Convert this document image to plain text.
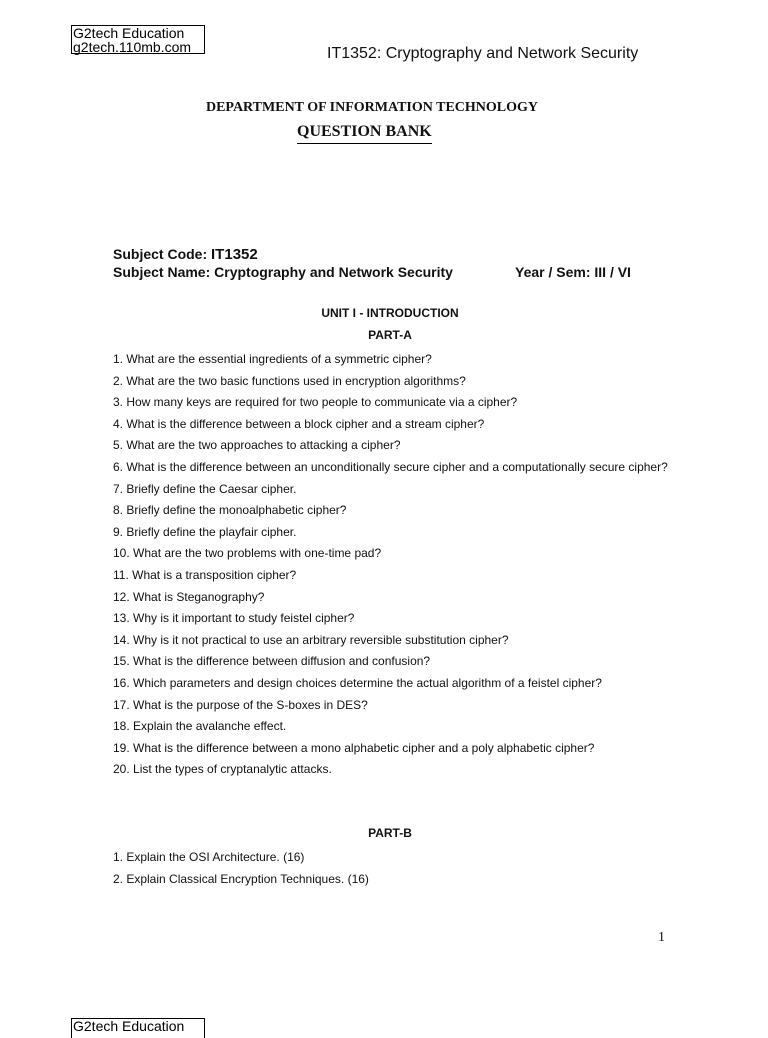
G2tech Education
g2tech.110mb.com	IT1352: Cryptography and Network Security
DEPARTMENT OF INFORMATION TECHNOLOGY
QUESTION BANK
Subject Code: IT1352
Subject Name: Cryptography and Network Security	Year / Sem: III / VI
UNIT I - INTRODUCTION
PART-A
1. What are the essential ingredients of a symmetric cipher?
2. What are the two basic functions used in encryption algorithms?
3. How many keys are required for two people to communicate via a cipher?
4. What is the difference between a block cipher and a stream cipher?
5. What are the two approaches to attacking a cipher?
6. What is the difference between an unconditionally secure cipher and a computationally secure cipher?
7. Briefly define the Caesar cipher.
8. Briefly define the monoalphabetic cipher?
9. Briefly define the playfair cipher.
10. What are the two problems with one-time pad?
11. What is a transposition cipher?
12. What is Steganography?
13. Why is it important to study feistel cipher?
14. Why is it not practical to use an arbitrary reversible substitution cipher?
15. What is the difference between diffusion and confusion?
16. Which parameters and design choices determine the actual algorithm of a feistel cipher?
17. What is the purpose of the S-boxes in DES?
18. Explain the avalanche effect.
19. What is the difference between a mono alphabetic cipher and a poly alphabetic cipher?
20. List the types of cryptanalytic attacks.
PART-B
1. Explain the OSI Architecture. (16)
2. Explain Classical Encryption Techniques. (16)
1
G2tech Education
